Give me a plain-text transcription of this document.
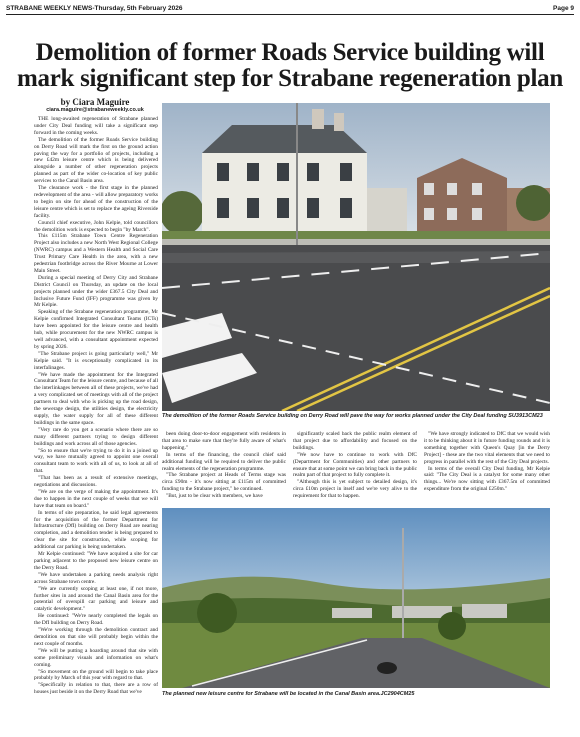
STRABANE WEEKLY NEWS-Thursday, 5th February 2026	Page 9
Demolition of former Roads Service building will mark significant step for Strabane regeneration plan
by Ciara Maguire
ciara.maguire@strabaneweekly.co.uk

THE long-awaited regeneration of Strabane planned under City Deal funding will take a significant step forward in the coming weeks.

The demolition of the former Roads Service building on Derry Road will mark the first on the ground action paving the way for a portfolio of projects, including a new £42m leisure centre which is being delivered alongside a number of other regeneration projects planned as part of the wider co-location of key public services to the Canal Basin area.

The clearance work - the first stage in the planned redevelopment of the area - will allow preparatory works to begin on site for ahead of the construction of the leisure centre which is set to replace the ageing Riverside facility.

Council chief executive, John Kelpie, told councillors the demolition work is expected to begin "by March".

This £115m Strabane Town Centre Regeneration Project also includes a new North West Regional College (NWRC) campus and a Western Health and Social Care Trust Primary Care Health in the area, with a new pedestrian footbridge across the River Mourne at Lower Main Street.

During a special meeting of Derry City and Strabane District Council on Thursday, an update on the local projects planned under the wider £367.5 City Deal and Inclusive Future Fund (IFF) programme was given by Mr Kelpie.

Speaking of the Strabane regeneration programme, Mr Kelpie confirmed Integrated Consultant Teams (ICTs) have been appointed for the leisure centre and health hub, while procurement for the new NWRC campus is well advanced, with a consultant appointment expected by spring 2026.

"The Strabane project is going particularly well," Mr Kelpie said. "It is exceptionally complicated in its interfaIinages.

"We have made the appointment for the Integrated Consultant Team for the leisure centre, and because of all the interlinkages between all of these projects, we've had a very complicated set of meetings with all of the project partners to deal with who is picking up the road design, the sewerage design, the utilities design, the electricity supply, the water supply for all of these different buildings in the same space.

"Very rare do you get a scenario where there are so many different partners trying to design different buildings and work across all of those agencies.

"So to ensure that we're trying to do it in a joined up way, we have mutually agreed to appoint one overall consultant team to work with all of us, to look at all of that.

"That has been as a result of extensive meetings, negotiations and discussions.

"We are on the verge of making the appointment. It's due to happen in the next couple of weeks that we will have that team on board."

In terms of site preparation, he said legal agreements for the acquisition of the former Department for Infrastructure (DfI) building on Derry Road are nearing completion, and a demolition tender is being prepared to clear the site for construction, while scoping for additional car parking is being undertaken.

Mr Kelpie continued: "We have acquired a site for car parking adjacent to the proposed new leisure centre on the Derry Road.

"We have undertaken a parking needs analysis right across Strabane town centre.

"We are currently scoping at least one, if not more, further sites in and around the Canal Basin area for the potential of overspill car parking and leisure and catalytic development."

He continued: "We're nearly completed the legals on the DfI building on Derry Road.

"We're working through the demolition contract and demolition on that site will probably begin within the next couple of months.

"We will be putting a hoarding around that site with some preliminary visuals and information on what's coming.

"So movement on the ground will begin to take place probably by March of this year with regard to that.

"Specifically in relation to that, there are a row of houses just beside it on the Derry Road that we've

The demolition of the former Roads Service building on Derry Road will pave the way for works planned under the City Deal funding SU3913CM23

been doing door-to-door engagement with residents in that area to make sure that they're fully aware of what's happening."

In terms of the financing, the council chief said additional funding will be required to deliver the public realm elements of the regeneration programme.

"The Strabane project at Heads of Terms stage was circa £90m - it's now sitting at £115m of committed funding to the Strabane project," he continued.

"But, just to be clear with members, we have

significantly scaled back the public realm element of that project due to affordability and focused on the buildings.

"We now have to continue to work with DfC (Department for Communities) and other partners to ensure that at some point we can bring back in the public realm part of that project to fully complete it.

"Although this is yet subject to detailed design, it's circa £10m project in itself and we're very alive to the requirement for that to happen.

"We have strongly indicated to DfC that we would wish it to be thinking about it in future funding rounds and it is something together with Queen's Quay [in the Derry Project] - these are the two vital elements that we need to progress in parallel with the rest of the City Deal projects.

In terms of the overall City Deal funding, Mr Kelpie said: "The City Deal is a catalyst for some many other things... We're now sitting with £367.5m of committed expenditure from the original £250m."

The planned new leisure centre for Strabane will be located in the Canal Basin area.JC2904CM25
